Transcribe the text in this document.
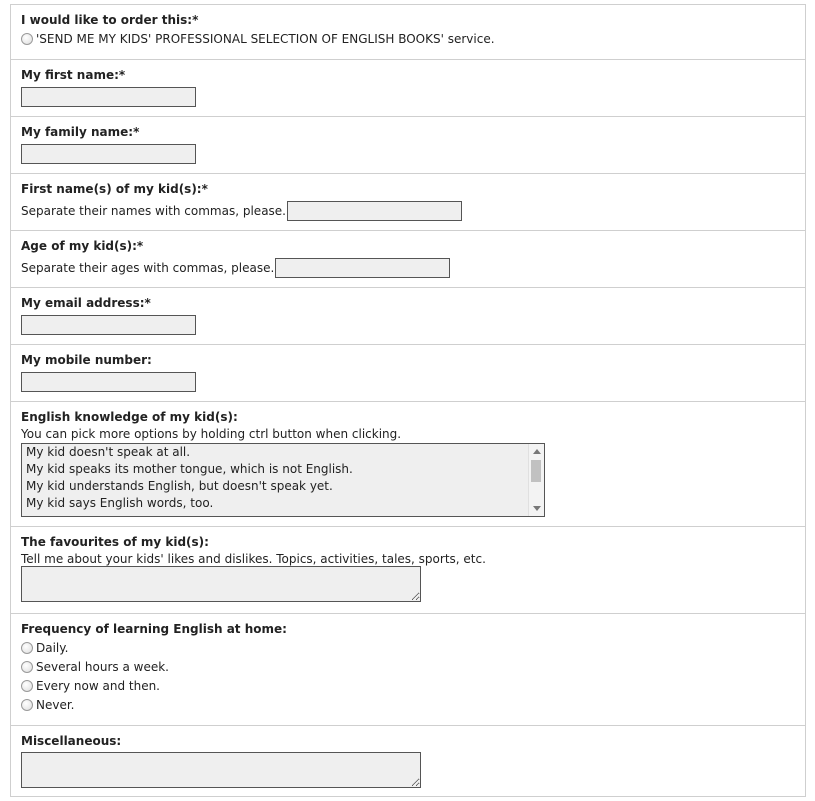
I would like to order this:*
'SEND ME MY KIDS' PROFESSIONAL SELECTION OF ENGLISH BOOKS' service.
My first name:*
My family name:*
First name(s) of my kid(s):*
Separate their names with commas, please.
Age of my kid(s):*
Separate their ages with commas, please.
My email address:*
My mobile number:
English knowledge of my kid(s):
You can pick more options by holding ctrl button when clicking.
My kid doesn't speak at all.
My kid speaks its mother tongue, which is not English.
My kid understands English, but doesn't speak yet.
My kid says English words, too.
The favourites of my kid(s):
Tell me about your kids' likes and dislikes. Topics, activities, tales, sports, etc.
Frequency of learning English at home:
Daily.
Several hours a week.
Every now and then.
Never.
Miscellaneous:
